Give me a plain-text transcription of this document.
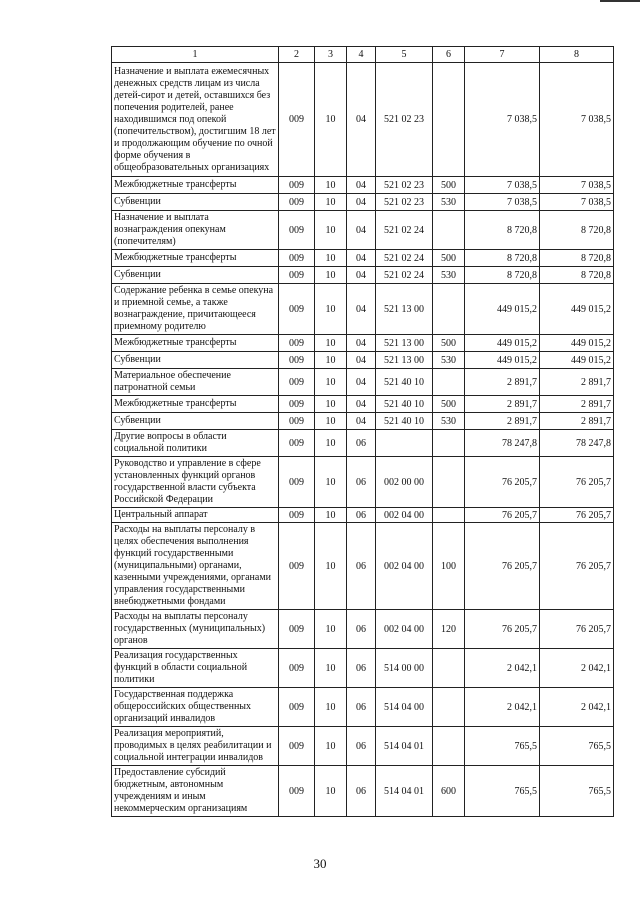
1	2	3	4	5	6	7	8
Назначение и выплата ежемесячных денежных средств лицам из числа детей-сирот и детей, оставшихся без попечения родителей, ранее находившимся под опекой (попечительством), достигшим 18 лет и продолжающим обучение по очной форме обучения в общеобразовательных организациях	009	10	04	521 02 23		7 038,5	7 038,5
Межбюджетные трансферты	009	10	04	521 02 23	500	7 038,5	7 038,5
Субвенции	009	10	04	521 02 23	530	7 038,5	7 038,5
Назначение и выплата вознаграждения опекунам (попечителям)	009	10	04	521 02 24		8 720,8	8 720,8
Межбюджетные трансферты	009	10	04	521 02 24	500	8 720,8	8 720,8
Субвенции	009	10	04	521 02 24	530	8 720,8	8 720,8
Содержание ребенка в семье опекуна и приемной семье, а также вознаграждение, причитающееся приемному родителю	009	10	04	521 13 00		449 015,2	449 015,2
Межбюджетные трансферты	009	10	04	521 13 00	500	449 015,2	449 015,2
Субвенции	009	10	04	521 13 00	530	449 015,2	449 015,2
Материальное обеспечение патронатной семьи	009	10	04	521 40 10		2 891,7	2 891,7
Межбюджетные трансферты	009	10	04	521 40 10	500	2 891,7	2 891,7
Субвенции	009	10	04	521 40 10	530	2 891,7	2 891,7
Другие вопросы в области социальной политики	009	10	06			78 247,8	78 247,8
Руководство и управление в сфере установленных функций органов государственной власти субъекта Российской Федерации	009	10	06	002 00 00		76 205,7	76 205,7
Центральный аппарат	009	10	06	002 04 00		76 205,7	76 205,7
Расходы на выплаты персоналу в целях обеспечения выполнения функций государственными (муниципальными) органами, казенными учреждениями, органами управления государственными внебюджетными фондами	009	10	06	002 04 00	100	76 205,7	76 205,7
Расходы на выплаты персоналу государственных (муниципальных) органов	009	10	06	002 04 00	120	76 205,7	76 205,7
Реализация государственных функций в области социальной политики	009	10	06	514 00 00		2 042,1	2 042,1
Государственная поддержка общероссийских общественных организаций инвалидов	009	10	06	514 04 00		2 042,1	2 042,1
Реализация мероприятий, проводимых в целях реабилитации и социальной интеграции инвалидов	009	10	06	514 04 01		765,5	765,5
Предоставление субсидий бюджетным, автономным учреждениям и иным некоммерческим организациям	009	10	06	514 04 01	600	765,5	765,5
30
